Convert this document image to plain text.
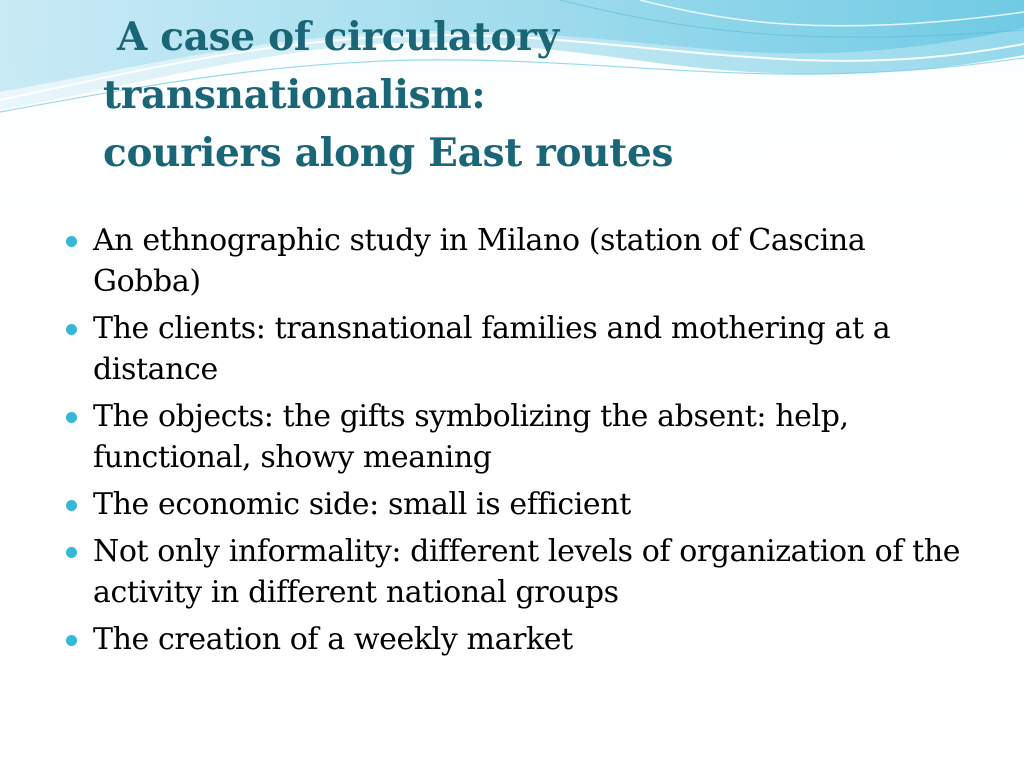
A case of circulatory
transnationalism:
couriers along East routes
An ethnographic study in Milano (station of Cascina Gobba)
The clients: transnational families and mothering at a distance
The objects: the gifts symbolizing the absent: help, functional, showy meaning
The economic side: small is efficient
Not only informality: different levels of organization of the activity in different national groups
The creation of a weekly market
